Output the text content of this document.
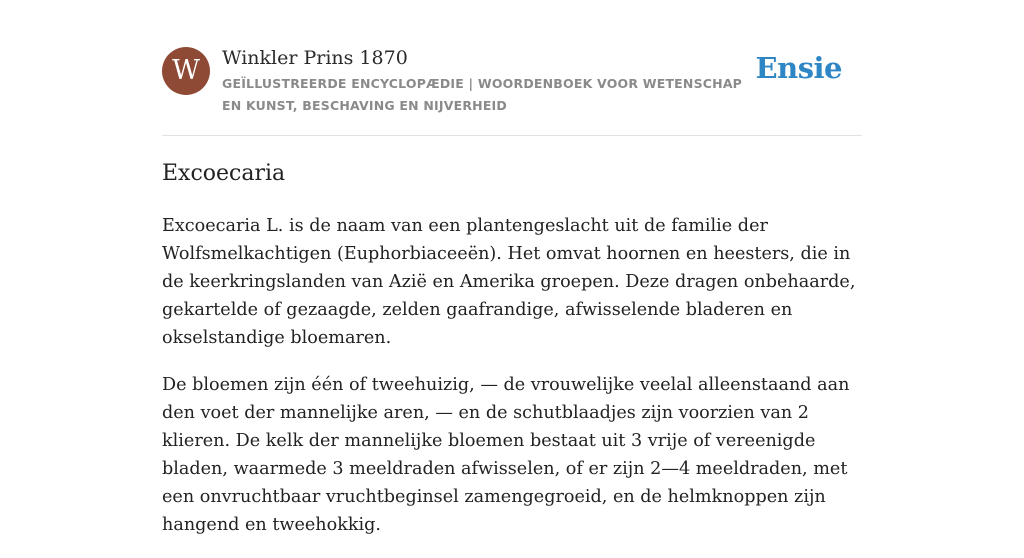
W	Winkler Prins 1870
GEÏLLUSTREERDE ENCYCLOPÆDIE | WOORDENBOEK VOOR WETENSCHAP EN KUNST, BESCHAVING EN NIJVERHEID
Ensie
Excoecaria

Excoecaria L. is de naam van een plantengeslacht uit de familie der Wolfsmelkachtigen (Euphorbiaceeën). Het omvat hoornen en heesters, die in de keerkringslanden van Azië en Amerika groepen. Deze dragen onbehaarde, gekartelde of gezaagde, zelden gaafrandige, afwisselende bladeren en okselstandige bloemaren.

De bloemen zijn één of tweehuizig, — de vrouwelijke veelal alleenstaand aan den voet der mannelijke aren, — en de schutblaadjes zijn voorzien van 2 klieren. De kelk der mannelijke bloemen bestaat uit 3 vrije of vereenigde bladen, waarmede 3 meeldraden afwisselen, of er zijn 2—4 meeldraden, met een onvruchtbaar vruchtbeginsel zamengegroeid, en de helmknoppen zijn hangend en tweehokkig.
